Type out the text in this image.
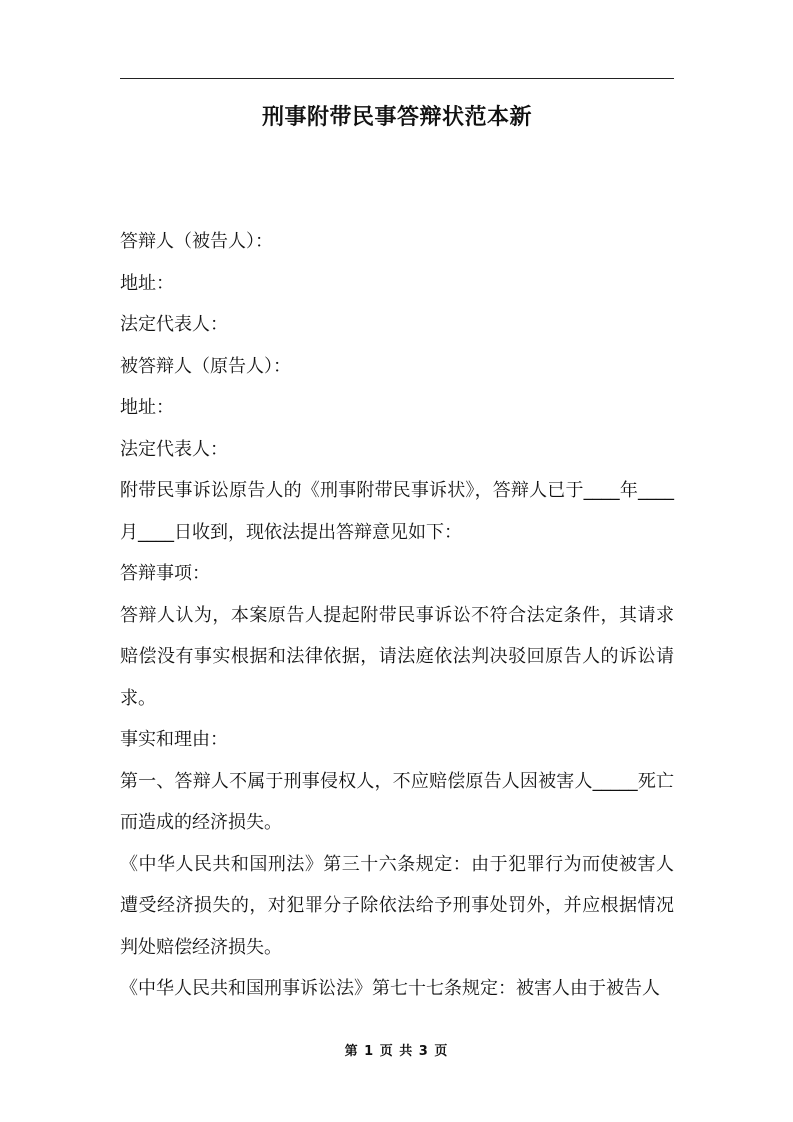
刑事附带民事答辩状范本新

答辩人（被告人）：

地址：

法定代表人：

被答辩人（原告人）：

地址：

法定代表人：

附带民事诉讼原告人的《刑事附带民事诉状》，答辩人已于____年____月____日收到，现依法提出答辩意见如下：

答辩事项：

答辩人认为，本案原告人提起附带民事诉讼不符合法定条件，其请求赔偿没有事实根据和法律依据，请法庭依法判决驳回原告人的诉讼请求。

事实和理由：

第一、答辩人不属于刑事侵权人，不应赔偿原告人因被害人_____死亡而造成的经济损失。

《中华人民共和国刑法》第三十六条规定：由于犯罪行为而使被害人遭受经济损失的，对犯罪分子除依法给予刑事处罚外，并应根据情况判处赔偿经济损失。

《中华人民共和国刑事诉讼法》第七十七条规定：被害人由于被告人

第 1 页 共 3 页
